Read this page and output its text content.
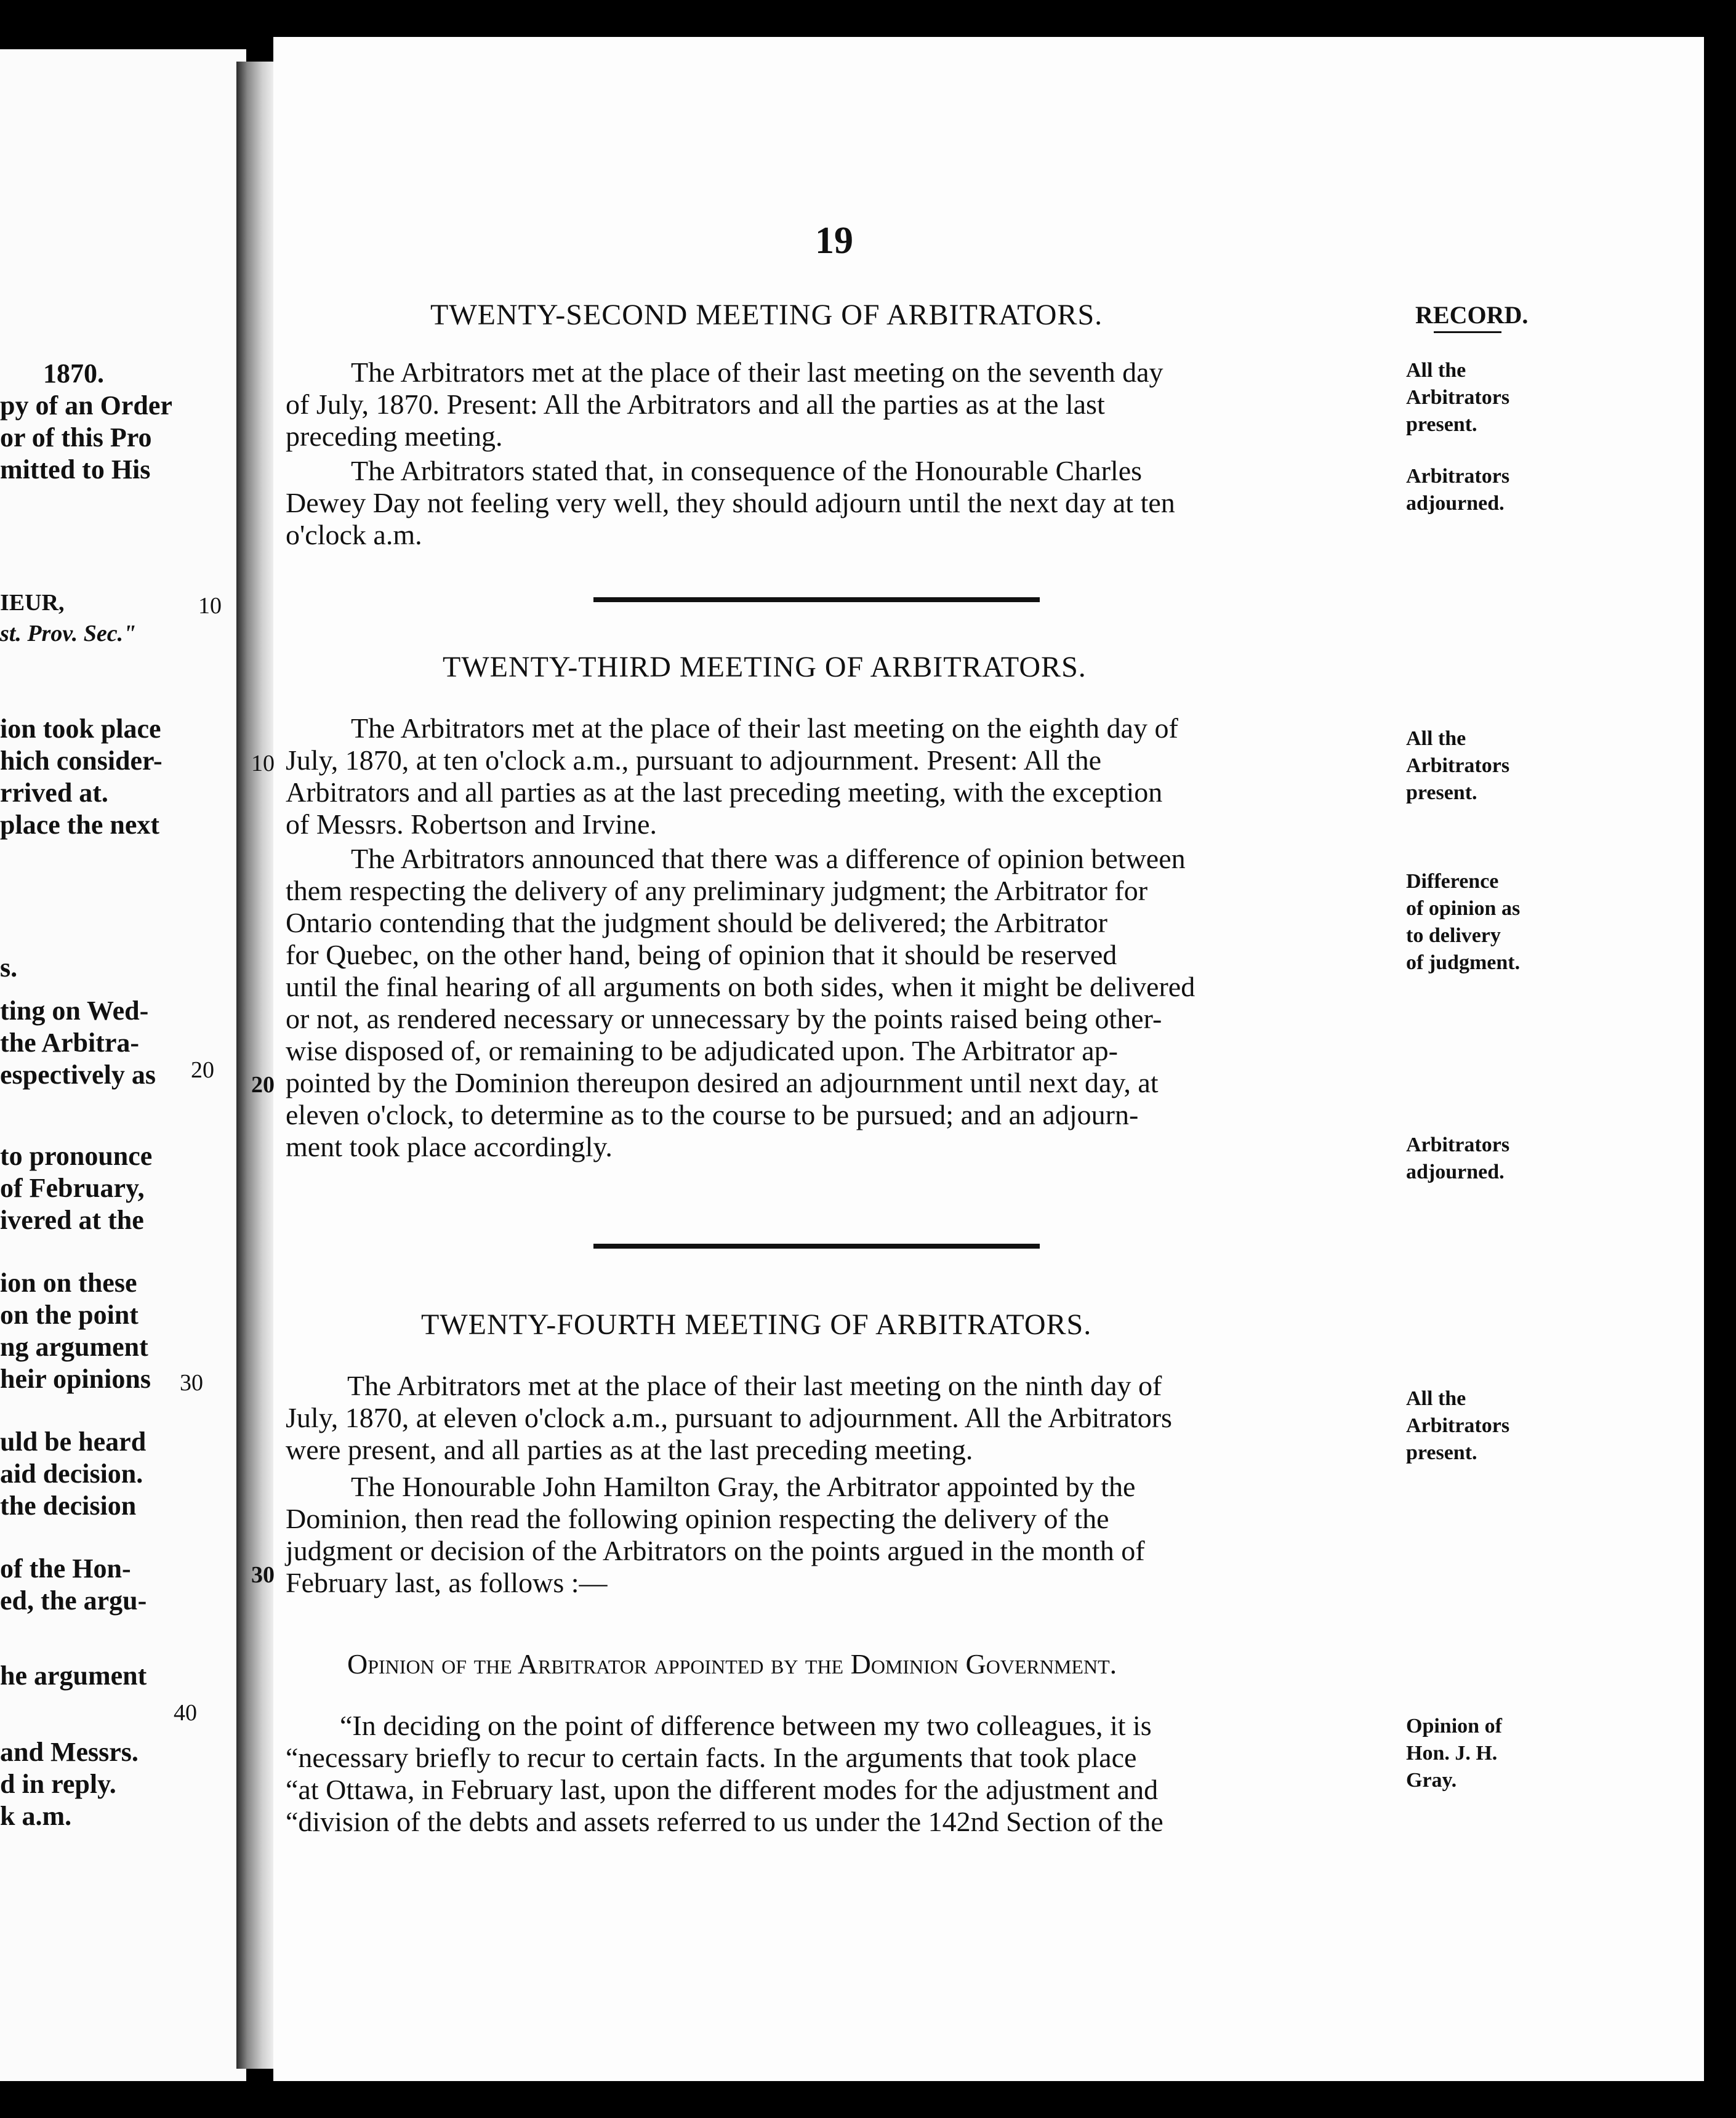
1870.
py of an Order
or of this Pro
mitted to His
IEUR,
st. Prov. Sec."
ion took place
hich consider-
rrived at.
place the next
s.
ting on Wed-
the Arbitra-
espectively as
to pronounce
of February,
ivered at the
ion on these
on the point
ng argument
heir opinions
uld be heard
aid decision.
the decision
of the Hon-
ed, the argu-
he argument
and Messrs.
d in reply.
k a.m.
10
20
30
40
19
RECORD.
TWENTY-SECOND MEETING OF ARBITRATORS.
The Arbitrators met at the place of their last meeting on the seventh day
of July, 1870. Present: All the Arbitrators and all the parties as at the last
preceding meeting.
The Arbitrators stated that, in consequence of the Honourable Charles
Dewey Day not feeling very well, they should adjourn until the next day at ten
o'clock a.m.
All the
Arbitrators
present.
Arbitrators
adjourned.
TWENTY-THIRD MEETING OF ARBITRATORS.
The Arbitrators met at the place of their last meeting on the eighth day of
July, 1870, at ten o'clock a.m., pursuant to adjournment. Present: All the
Arbitrators and all parties as at the last preceding meeting, with the exception
of Messrs. Robertson and Irvine.
The Arbitrators announced that there was a difference of opinion between
them respecting the delivery of any preliminary judgment; the Arbitrator for
Ontario contending that the judgment should be delivered; the Arbitrator
for Quebec, on the other hand, being of opinion that it should be reserved
until the final hearing of all arguments on both sides, when it might be delivered
or not, as rendered necessary or unnecessary by the points raised being other-
wise disposed of, or remaining to be adjudicated upon. The Arbitrator ap-
pointed by the Dominion thereupon desired an adjournment until next day, at
eleven o'clock, to determine as to the course to be pursued; and an adjourn-
ment took place accordingly.
10
20
All the
Arbitrators
present.
Difference
of opinion as
to delivery
of judgment.
Arbitrators
adjourned.
TWENTY-FOURTH MEETING OF ARBITRATORS.
The Arbitrators met at the place of their last meeting on the ninth day of
July, 1870, at eleven o'clock a.m., pursuant to adjournment. All the Arbitrators
were present, and all parties as at the last preceding meeting.
The Honourable John Hamilton Gray, the Arbitrator appointed by the
Dominion, then read the following opinion respecting the delivery of the
judgment or decision of the Arbitrators on the points argued in the month of
February last, as follows :—
30
Opinion of the Arbitrator appointed by the Dominion Government.
“In deciding on the point of difference between my two colleagues, it is
“necessary briefly to recur to certain facts. In the arguments that took place
“at Ottawa, in February last, upon the different modes for the adjustment and
“division of the debts and assets referred to us under the 142nd Section of the
All the
Arbitrators
present.
Opinion of
Hon. J. H.
Gray.
